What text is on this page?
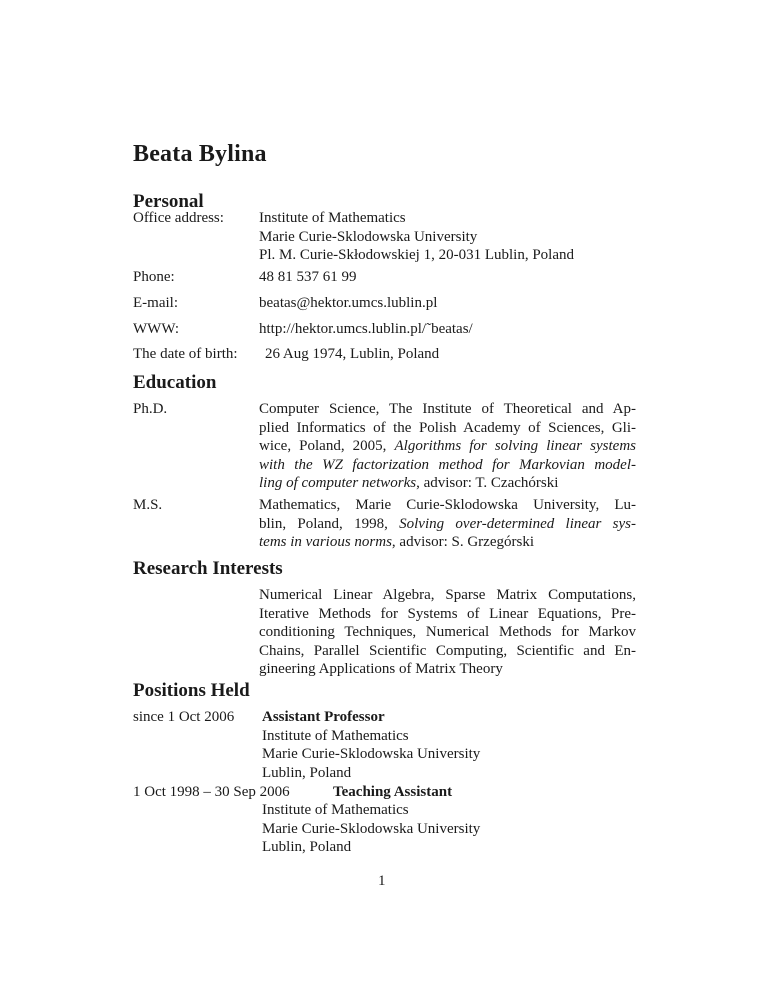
Beata Bylina
Personal
Office address: Institute of Mathematics
Marie Curie-Sklodowska University
Pl. M. Curie-Skłodowskiej 1, 20-031 Lublin, Poland
Phone:	48 81 537 61 99
E-mail:	beatas@hektor.umcs.lublin.pl
WWW:	http://hektor.umcs.lublin.pl/˜beatas/
The date of birth: 26 Aug 1974, Lublin, Poland
Education
Ph.D.	Computer Science, The Institute of Theoretical and Ap-
plied Informatics of the Polish Academy of Sciences, Gli-
wice, Poland, 2005, Algorithms for solving linear systems
with the WZ factorization method for Markovian model-
ling of computer networks, advisor: T. Czachórski
M.S.	Mathematics, Marie Curie-Sklodowska University, Lu-
blin, Poland, 1998, Solving over-determined linear sys-
tems in various norms, advisor: S. Grzegórski
Research Interests
Numerical Linear Algebra, Sparse Matrix Computations,
Iterative Methods for Systems of Linear Equations, Pre-
conditioning Techniques, Numerical Methods for Markov
Chains, Parallel Scientific Computing, Scientific and En-
gineering Applications of Matrix Theory
Positions Held
since 1 Oct 2006 Assistant Professor
Institute of Mathematics
Marie Curie-Sklodowska University
Lublin, Poland
1 Oct 1998 – 30 Sep 2006	Teaching Assistant
Institute of Mathematics
Marie Curie-Sklodowska University
Lublin, Poland
1
